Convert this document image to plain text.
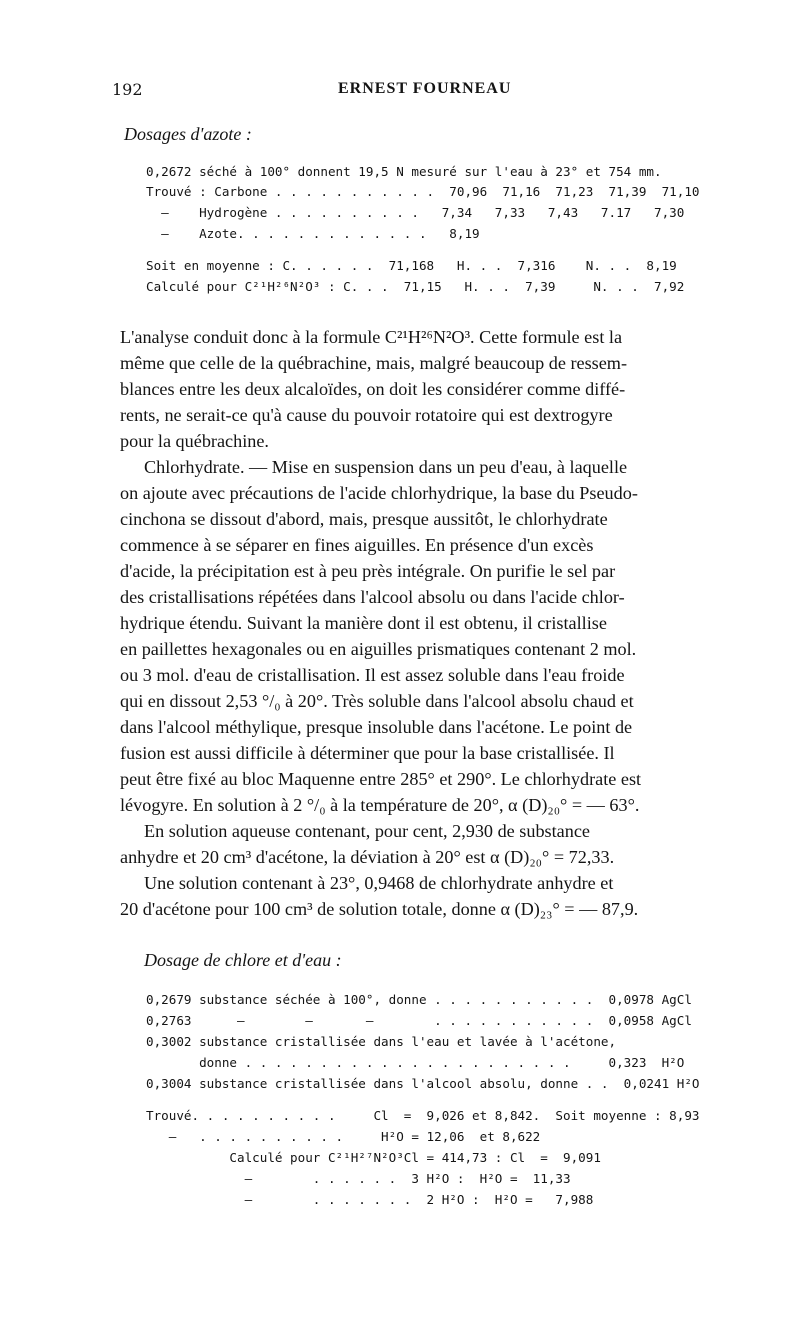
192	ERNEST FOURNEAU
Dosages d'azote :
0,2672 séché à 100° donnent 19,5 N mesuré sur l'eau à 23° et 754 mm.
Trouvé : Carbone . . . . . . . . . . .  70,96  71,16  71,23  71,39  71,10
—    Hydrogène . . . . . . . . . .   7,34   7,33   7,43   7.17   7,30
—    Azote. . . . . . . . . . . . .   8,19
Soit en moyenne : C. . . . . .  71,168   H. . .  7,316    N. . .  8,19
Calculé pour C²¹H²⁶N²O³ : C. . .  71,15   H. . .  7,39     N. . .  7,92
L'analyse conduit donc à la formule C²¹H²⁶N²O³. Cette formule est la
même que celle de la québrachine, mais, malgré beaucoup de ressem-
blances entre les deux alcaloïdes, on doit les considérer comme diffé-
rents, ne serait-ce qu'à cause du pouvoir rotatoire qui est dextrogyre
pour la québrachine.
Chlorhydrate. — Mise en suspension dans un peu d'eau, à laquelle
on ajoute avec précautions de l'acide chlorhydrique, la base du Pseudo-
cinchona se dissout d'abord, mais, presque aussitôt, le chlorhydrate
commence à se séparer en fines aiguilles. En présence d'un excès
d'acide, la précipitation est à peu près intégrale. On purifie le sel par
des cristallisations répétées dans l'alcool absolu ou dans l'acide chlor-
hydrique étendu. Suivant la manière dont il est obtenu, il cristallise
en paillettes hexagonales ou en aiguilles prismatiques contenant 2 mol.
ou 3 mol. d'eau de cristallisation. Il est assez soluble dans l'eau froide
qui en dissout 2,53 °/₀ à 20°. Très soluble dans l'alcool absolu chaud et
dans l'alcool méthylique, presque insoluble dans l'acétone. Le point de
fusion est aussi difficile à déterminer que pour la base cristallisée. Il
peut être fixé au bloc Maquenne entre 285° et 290°. Le chlorhydrate est
lévogyre. En solution à 2 °/₀ à la température de 20°, α (D)₂₀° = — 63°.
En solution aqueuse contenant, pour cent, 2,930 de substance
anhydre et 20 cm³ d'acétone, la déviation à 20° est α (D)₂₀° = 72,33.
Une solution contenant à 23°, 0,9468 de chlorhydrate anhydre et
20 d'acétone pour 100 cm³ de solution totale, donne α (D)₂₃° = — 87,9.
Dosage de chlore et d'eau :
0,2679 substance séchée à 100°, donne . . . . . . . . . . .  0,0978 AgCl
0,2763      —        —       —        . . . . . . . . . . .  0,0958 AgCl
0,3002 substance cristallisée dans l'eau et lavée à l'acétone,
donne . . . . . . . . . . . . . . . . . . . . . .     0,323  H²O
0,3004 substance cristallisée dans l'alcool absolu, donne . .  0,0241 H²O
Trouvé. . . . . . . . . .     Cl  =  9,026 et 8,842.  Soit moyenne : 8,93
—   . . . . . . . . . .     H²O = 12,06  et 8,622
Calculé pour C²¹H²⁷N²O³Cl = 414,73 : Cl  =  9,091
—        . . . . . .  3 H²O :  H²O =  11,33
—        . . . . . . .  2 H²O :  H²O =   7,988
